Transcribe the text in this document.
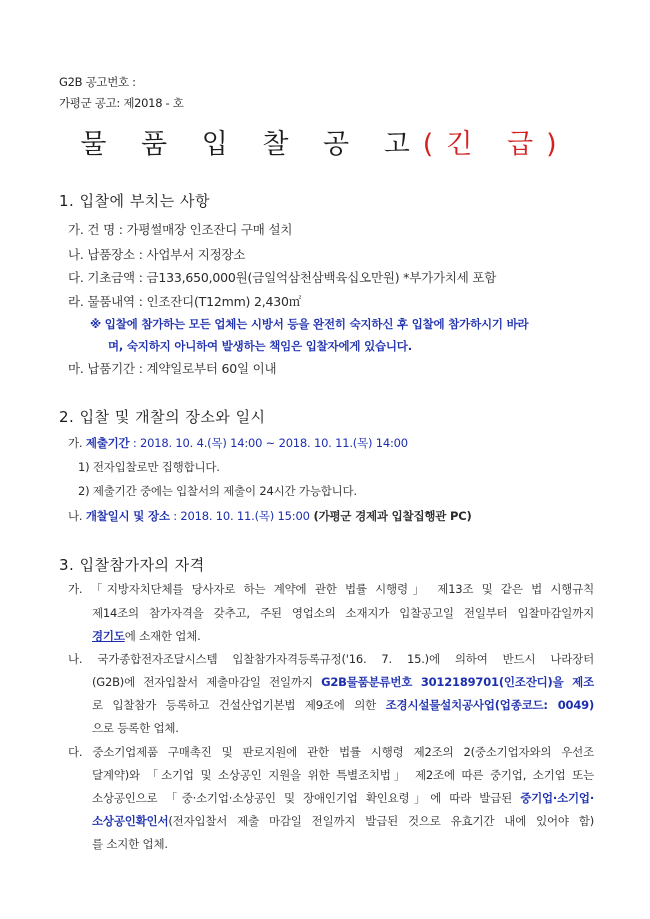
G2B 공고번호 :
가평군 공고: 제2018 - 호
물 품 입 찰 공 고(긴 급)
1. 입찰에 부치는 사항
가. 건 명 : 가평썰매장 인조잔디 구매 설치
나. 납품장소 : 사업부서 지정장소
다. 기초금액 : 금133,650,000원(금일억삼천삼백육십오만원) *부가가치세 포함
라. 물품내역 : 인조잔디(T12mm) 2,430㎡
※ 입찰에 참가하는 모든 업체는 시방서 등을 완전히 숙지하신 후 입찰에 참가하시기 바라
며, 숙지하지 아니하여 발생하는 책임은 입찰자에게 있습니다.
마. 납품기간 : 계약일로부터 60일 이내
2. 입찰 및 개찰의 장소와 일시
가. 제출기간 : 2018. 10. 4.(목) 14:00 ~ 2018. 10. 11.(목) 14:00
1) 전자입찰로만 집행합니다.
2) 제출기간 중에는 입찰서의 제출이 24시간 가능합니다.
나. 개찰일시 및 장소 : 2018. 10. 11.(목) 15:00 (가평군 경제과 입찰집행관 PC)
3. 입찰참가자의 자격
가. 「지방자치단체를 당사자로 하는 계약에 관한 법률 시행령」 제13조 및 같은 법 시행규칙
제14조의 참가자격을 갖추고, 주된 영업소의 소재지가 입찰공고일 전일부터 입찰마감일까지
경기도에 소재한 업체.
나. 국가종합전자조달시스템 입찰참가자격등록규정('16. 7. 15.)에 의하여 반드시 나라장터
(G2B)에 전자입찰서 제출마감일 전일까지 G2B물품분류번호 3012189701(인조잔디)을 제조
로 입찰참가 등록하고 건설산업기본법 제9조에 의한 조경시설물설치공사업(업종코드: 0049)
으로 등록한 업체.
다. 중소기업제품 구매촉진 및 판로지원에 관한 법률 시행령 제2조의 2(중소기업자와의 우선조
달계약)와 「소기업 및 소상공인 지원을 위한 특별조치법」 제2조에 따른 중기업, 소기업 또는
소상공인으로 「중·소기업·소상공인 및 장애인기업 확인요령」에 따라 발급된 중기업·소기업·
소상공인확인서(전자입찰서 제출 마감일 전일까지 발급된 것으로 유효기간 내에 있어야 함)
를 소지한 업체.
